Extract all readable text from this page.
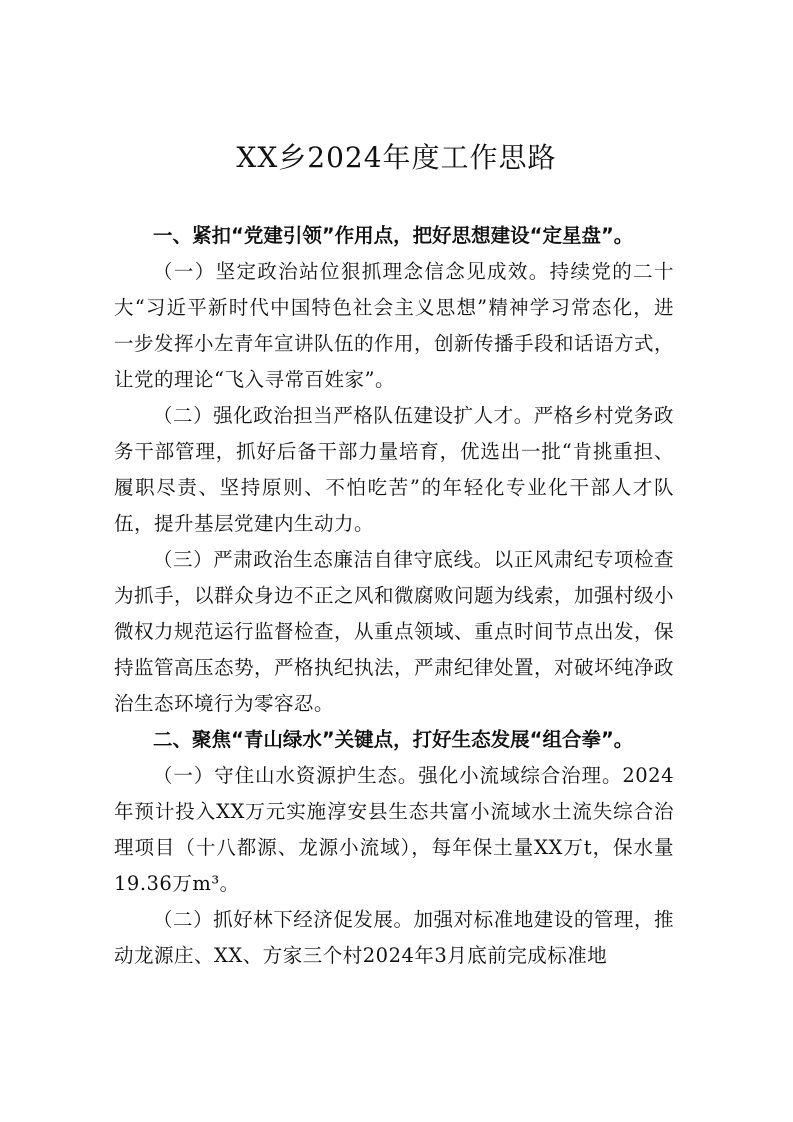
XX乡2024年度工作思路

一、紧扣“党建引领”作用点，把好思想建设“定星盘”。

（一）坚定政治站位狠抓理念信念见成效。持续党的二十大“习近平新时代中国特色社会主义思想”精神学习常态化，进一步发挥小左青年宣讲队伍的作用，创新传播手段和话语方式，让党的理论“飞入寻常百姓家”。

（二）强化政治担当严格队伍建设扩人才。严格乡村党务政务干部管理，抓好后备干部力量培育，优选出一批“肯挑重担、履职尽责、坚持原则、不怕吃苦”的年轻化专业化干部人才队伍，提升基层党建内生动力。

（三）严肃政治生态廉洁自律守底线。以正风肃纪专项检查为抓手，以群众身边不正之风和微腐败问题为线索，加强村级小微权力规范运行监督检查，从重点领域、重点时间节点出发，保持监管高压态势，严格执纪执法，严肃纪律处置，对破坏纯净政治生态环境行为零容忍。

二、聚焦“青山绿水”关键点，打好生态发展“组合拳”。

（一）守住山水资源护生态。强化小流域综合治理。2024年预计投入XX万元实施淳安县生态共富小流域水土流失综合治理项目（十八都源、龙源小流域），每年保土量XX万t，保水量19.36万m³。

（二）抓好林下经济促发展。加强对标准地建设的管理，推动龙源庄、XX、方家三个村2024年3月底前完成标准地
